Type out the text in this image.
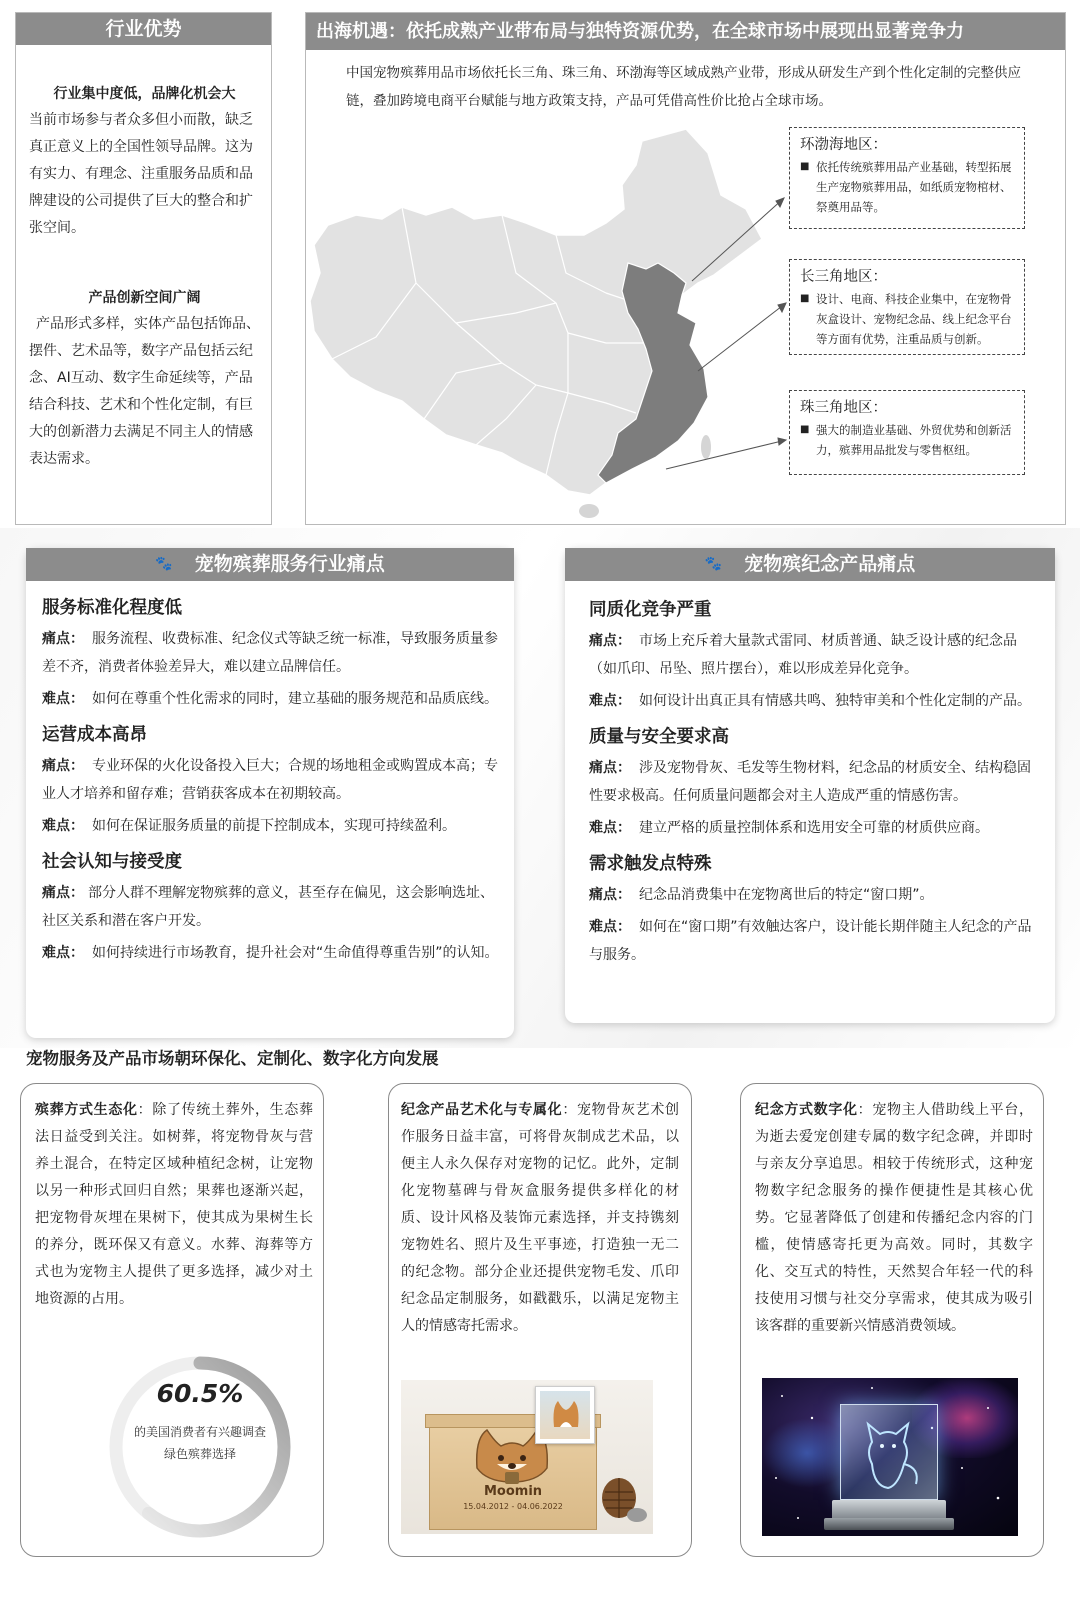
行业优势
行业集中度低，品牌化机会大
当前市场参与者众多但小而散，缺乏真正意义上的全国性领导品牌。这为有实力、有理念、注重服务品质和品牌建设的公司提供了巨大的整合和扩张空间。
产品创新空间广阔
产品形式多样，实体产品包括饰品、摆件、艺术品等，数字产品包括云纪念、AI互动、数字生命延续等，产品结合科技、艺术和个性化定制，有巨大的创新潜力去满足不同主人的情感表达需求。
出海机遇：依托成熟产业带布局与独特资源优势，在全球市场中展现出显著竞争力
中国宠物殡葬用品市场依托长三角、珠三角、环渤海等区域成熟产业带，形成从研发生产到个性化定制的完整供应链，叠加跨境电商平台赋能与地方政策支持，产品可凭借高性价比抢占全球市场。
环渤海地区：
■ 依托传统殡葬用品产业基础，转型拓展生产宠物殡葬用品，如纸质宠物棺材、祭奠用品等。
长三角地区：
■ 设计、电商、科技企业集中，在宠物骨灰盒设计、宠物纪念品、线上纪念平台等方面有优势，注重品质与创新。
珠三角地区：
■ 强大的制造业基础、外贸优势和创新活力，殡葬用品批发与零售枢纽。
🐾 宠物殡葬服务行业痛点
服务标准化程度低
痛点： 服务流程、收费标准、纪念仪式等缺乏统一标准，导致服务质量参差不齐，消费者体验差异大，难以建立品牌信任。
难点： 如何在尊重个性化需求的同时，建立基础的服务规范和品质底线。
运营成本高昂
痛点： 专业环保的火化设备投入巨大；合规的场地租金或购置成本高；专业人才培养和留存难；营销获客成本在初期较高。
难点： 如何在保证服务质量的前提下控制成本，实现可持续盈利。
社会认知与接受度
痛点： 部分人群不理解宠物殡葬的意义，甚至存在偏见，这会影响选址、社区关系和潜在客户开发。
难点： 如何持续进行市场教育，提升社会对“生命值得尊重告别”的认知。
🐾 宠物殡纪念产品痛点
同质化竞争严重
痛点： 市场上充斥着大量款式雷同、材质普通、缺乏设计感的纪念品（如爪印、吊坠、照片摆台），难以形成差异化竞争。
难点： 如何设计出真正具有情感共鸣、独特审美和个性化定制的产品。
质量与安全要求高
痛点： 涉及宠物骨灰、毛发等生物材料，纪念品的材质安全、结构稳固性要求极高。任何质量问题都会对主人造成严重的情感伤害。
难点： 建立严格的质量控制体系和选用安全可靠的材质供应商。
需求触发点特殊
痛点： 纪念品消费集中在宠物离世后的特定“窗口期”。
难点： 如何在“窗口期”有效触达客户，设计能长期伴随主人纪念的产品与服务。
宠物服务及产品市场朝环保化、定制化、数字化方向发展
殡葬方式生态化：除了传统土葬外，生态葬法日益受到关注。如树葬，将宠物骨灰与营养土混合，在特定区域种植纪念树，让宠物以另一种形式回归自然；果葬也逐渐兴起，把宠物骨灰埋在果树下，使其成为果树生长的养分，既环保又有意义。水葬、海葬等方式也为宠物主人提供了更多选择，减少对土地资源的占用。
60.5%
的美国消费者有兴趣调查绿色殡葬选择
纪念产品艺术化与专属化：宠物骨灰艺术创作服务日益丰富，可将骨灰制成艺术品，以便主人永久保存对宠物的记忆。此外，定制化宠物墓碑与骨灰盒服务提供多样化的材质、设计风格及装饰元素选择，并支持镌刻宠物姓名、照片及生平事迹，打造独一无二的纪念物。部分企业还提供宠物毛发、爪印纪念品定制服务，如戳戳乐，以满足宠物主人的情感寄托需求。
Moomin
15.04.2012 - 04.06.2022
纪念方式数字化：宠物主人借助线上平台，为逝去爱宠创建专属的数字纪念碑，并即时与亲友分享追思。相较于传统形式，这种宠物数字纪念服务的操作便捷性是其核心优势。它显著降低了创建和传播纪念内容的门槛，使情感寄托更为高效。同时，其数字化、交互式的特性，天然契合年轻一代的科技使用习惯与社交分享需求，使其成为吸引该客群的重要新兴情感消费领域。
